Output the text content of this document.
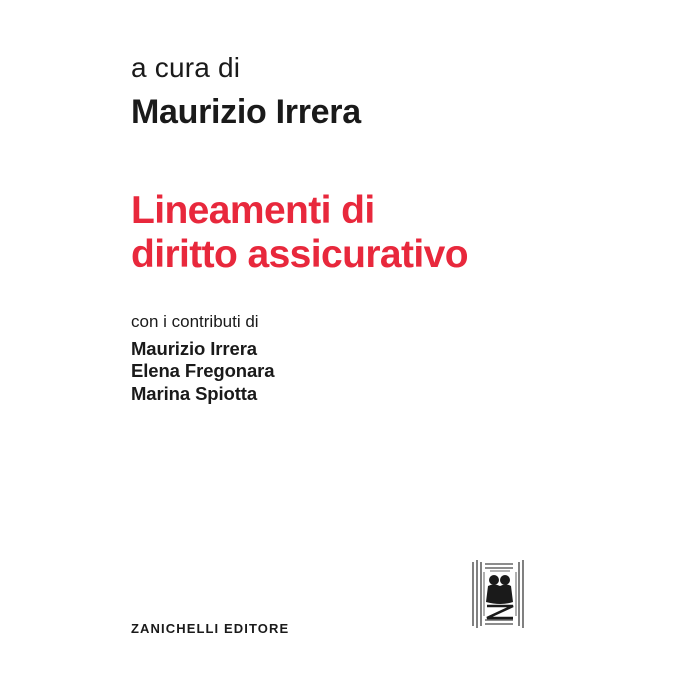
a cura di

Maurizio Irrera

Lineamenti di
diritto assicurativo

con i contributi di

Maurizio Irrera
Elena Fregonara
Marina Spiotta
ZANICHELLI EDITORE
